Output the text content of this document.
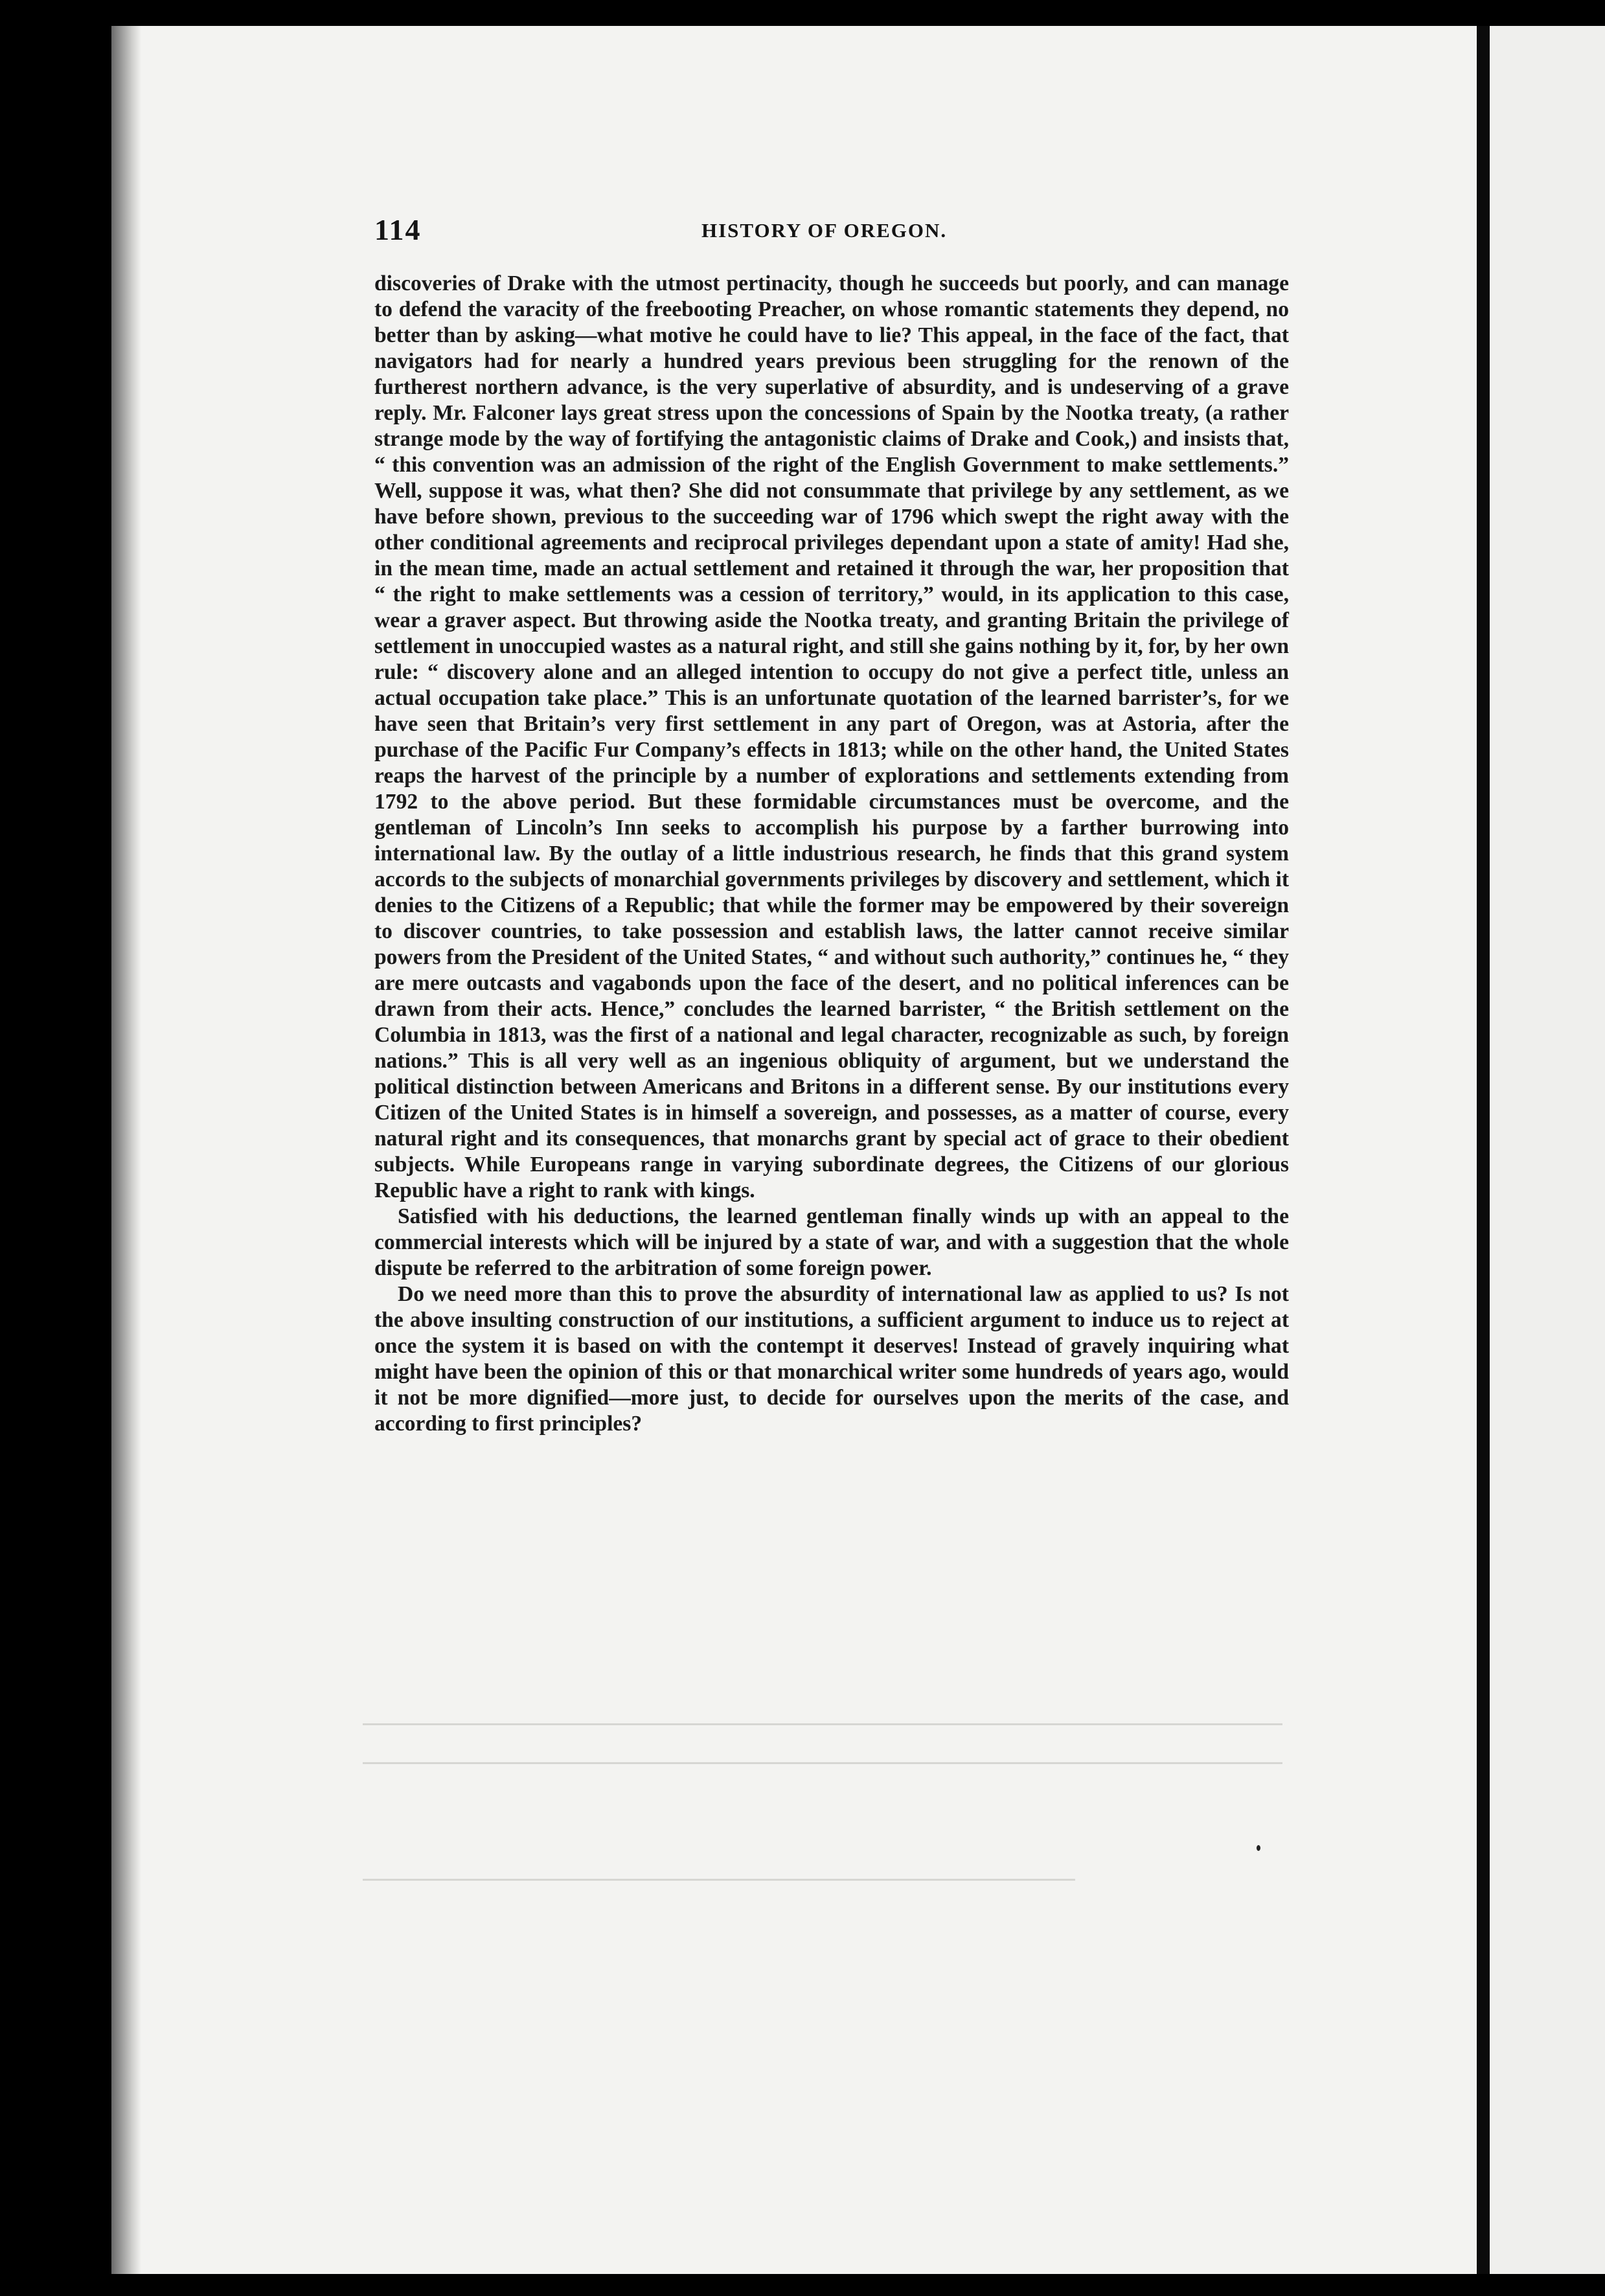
114	HISTORY OF OREGON.

discoveries of Drake with the utmost pertinacity, though he succeeds but poorly, and can manage to defend the varacity of the freebooting Preacher, on whose romantic statements they depend, no better than by asking—what motive he could have to lie? This appeal, in the face of the fact, that navigators had for nearly a hundred years previous been struggling for the renown of the furtherest northern advance, is the very superlative of absurdity, and is undeserving of a grave reply. Mr. Falconer lays great stress upon the concessions of Spain by the Nootka treaty, (a rather strange mode by the way of fortifying the antagonistic claims of Drake and Cook,) and insists that, “ this convention was an admission of the right of the English Government to make settlements.” Well, suppose it was, what then? She did not consummate that privilege by any settlement, as we have before shown, previous to the succeeding war of 1796 which swept the right away with the other conditional agreements and reciprocal privileges dependant upon a state of amity! Had she, in the mean time, made an actual settlement and retained it through the war, her proposition that “ the right to make settlements was a cession of territory,” would, in its application to this case, wear a graver aspect. But throwing aside the Nootka treaty, and granting Britain the privilege of settlement in unoccupied wastes as a natural right, and still she gains nothing by it, for, by her own rule: “ discovery alone and an alleged intention to occupy do not give a perfect title, unless an actual occupation take place.” This is an unfortunate quotation of the learned barrister’s, for we have seen that Britain’s very first settlement in any part of Oregon, was at Astoria, after the purchase of the Pacific Fur Company’s effects in 1813; while on the other hand, the United States reaps the harvest of the principle by a number of explorations and settlements extending from 1792 to the above period. But these formidable circumstances must be overcome, and the gentleman of Lincoln’s Inn seeks to accomplish his purpose by a farther burrowing into international law. By the outlay of a little industrious research, he finds that this grand system accords to the subjects of monarchial governments privileges by discovery and settlement, which it denies to the Citizens of a Republic; that while the former may be empowered by their sovereign to discover countries, to take possession and establish laws, the latter cannot receive similar powers from the President of the United States, “ and without such authority,” continues he, “ they are mere outcasts and vagabonds upon the face of the desert, and no political inferences can be drawn from their acts. Hence,” concludes the learned barrister, “ the British settlement on the Columbia in 1813, was the first of a national and legal character, recognizable as such, by foreign nations.” This is all very well as an ingenious obliquity of argument, but we understand the political distinction between Americans and Britons in a different sense. By our institutions every Citizen of the United States is in himself a sovereign, and possesses, as a matter of course, every natural right and its consequences, that monarchs grant by special act of grace to their obedient subjects. While Europeans range in varying subordinate degrees, the Citizens of our glorious Republic have a right to rank with kings.

Satisfied with his deductions, the learned gentleman finally winds up with an appeal to the commercial interests which will be injured by a state of war, and with a suggestion that the whole dispute be referred to the arbitration of some foreign power.

Do we need more than this to prove the absurdity of international law as applied to us? Is not the above insulting construction of our institutions, a sufficient argument to induce us to reject at once the system it is based on with the contempt it deserves! Instead of gravely inquiring what might have been the opinion of this or that monarchical writer some hundreds of years ago, would it not be more dignified—more just, to decide for ourselves upon the merits of the case, and according to first principles?
